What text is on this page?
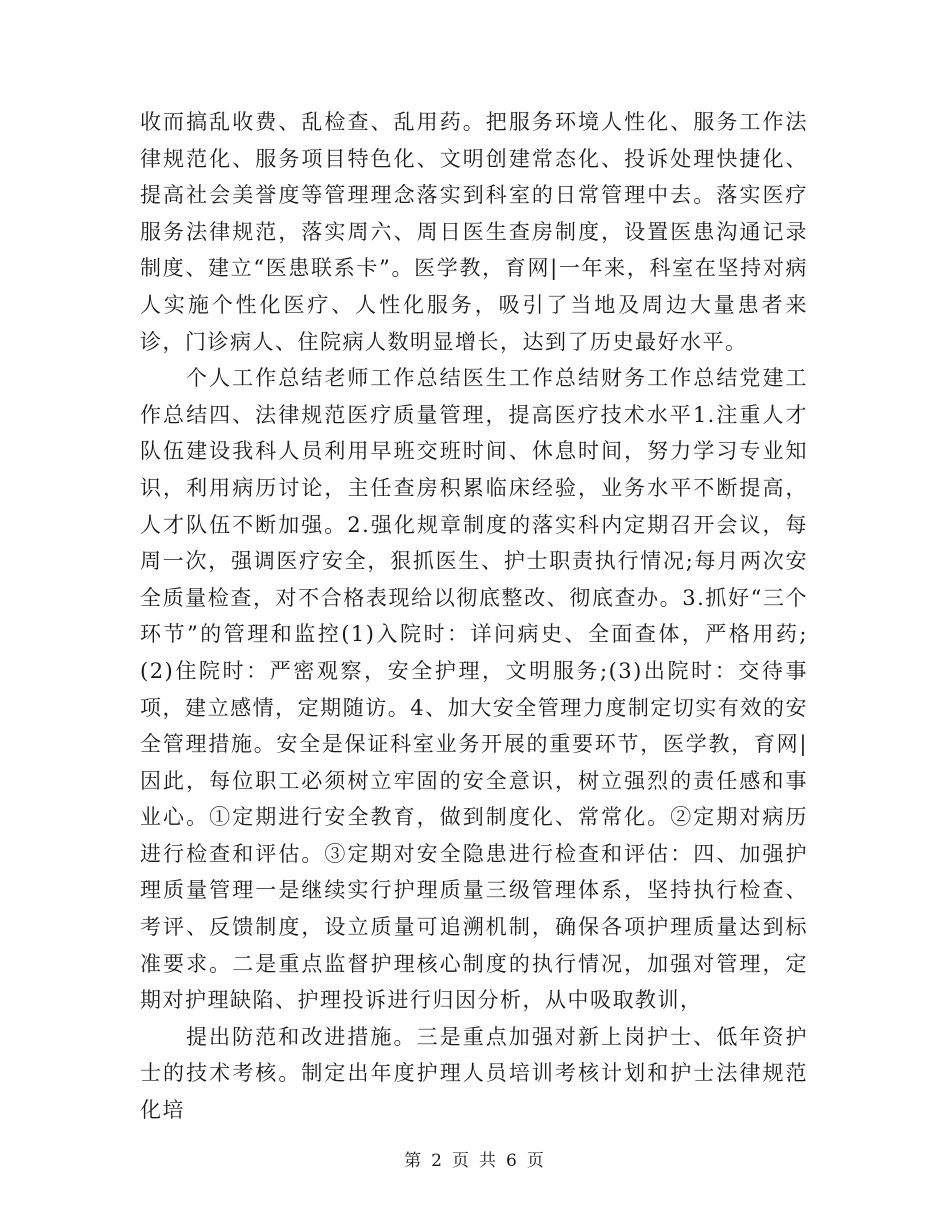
收而搞乱收费、乱检查、乱用药。把服务环境人性化、服务工作法律规范化、服务项目特色化、文明创建常态化、投诉处理快捷化、提高社会美誉度等管理理念落实到科室的日常管理中去。落实医疗服务法律规范，落实周六、周日医生查房制度，设置医患沟通记录制度、建立“医患联系卡”。医学教，育网|一年来，科室在坚持对病人实施个性化医疗、人性化服务，吸引了当地及周边大量患者来诊，门诊病人、住院病人数明显增长，达到了历史最好水平。

个人工作总结老师工作总结医生工作总结财务工作总结党建工作总结四、法律规范医疗质量管理，提高医疗技术水平1.注重人才队伍建设我科人员利用早班交班时间、休息时间，努力学习专业知识，利用病历讨论，主任查房积累临床经验，业务水平不断提高，人才队伍不断加强。2.强化规章制度的落实科内定期召开会议，每周一次，强调医疗安全，狠抓医生、护士职责执行情况;每月两次安全质量检查，对不合格表现给以彻底整改、彻底查办。3.抓好“三个环节”的管理和监控(1)入院时：详问病史、全面查体，严格用药;(2)住院时：严密观察，安全护理，文明服务;(3)出院时：交待事项，建立感情，定期随访。4、加大安全管理力度制定切实有效的安全管理措施。安全是保证科室业务开展的重要环节，医学教，育网|因此，每位职工必须树立牢固的安全意识，树立强烈的责任感和事业心。①定期进行安全教育，做到制度化、常常化。②定期对病历进行检查和评估。③定期对安全隐患进行检查和评估：四、加强护理质量管理一是继续实行护理质量三级管理体系，坚持执行检查、考评、反馈制度，设立质量可追溯机制，确保各项护理质量达到标准要求。二是重点监督护理核心制度的执行情况，加强对管理，定期对护理缺陷、护理投诉进行归因分析，从中吸取教训，

提出防范和改进措施。三是重点加强对新上岗护士、低年资护士的技术考核。制定出年度护理人员培训考核计划和护士法律规范化培

第 2 页 共 6 页
